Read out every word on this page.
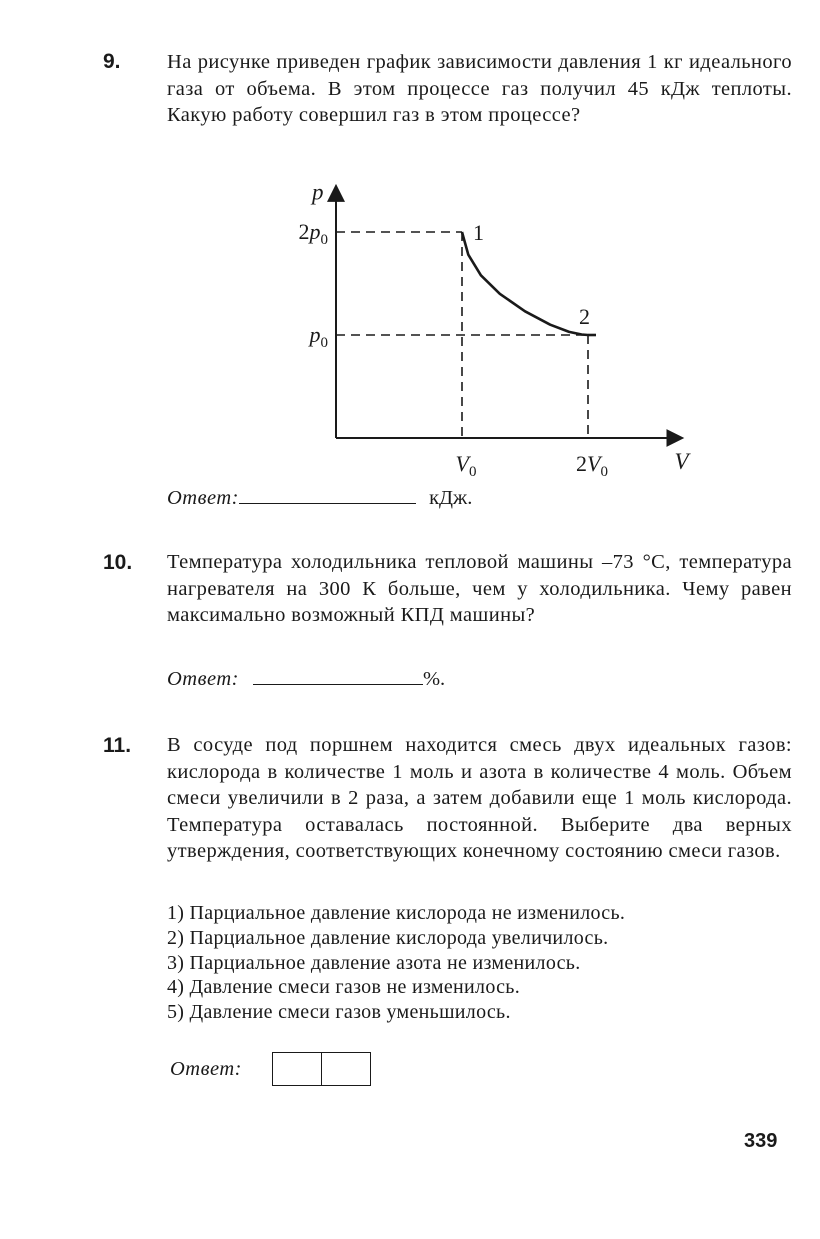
9. На рисунке приведен график зависимости давления 1 кг идеального газа от объема. В этом процессе газ получил 45 кДж теплоты. Какую работу совершил газ в этом процессе?
1
2
$2p_0$
$p_0$
$V_0$	$2V_0$	V
p
Ответ:	кДж.
10. Температура холодильника тепловой машины –73 °С, температура нагревателя на 300 К больше, чем у холодильника. Чему равен максимально возможный КПД машины?
Ответ:	%.
11. В сосуде под поршнем находится смесь двух идеальных газов: кислорода в количестве 1 моль и азота в количестве 4 моль. Объем смеси увеличили в 2 раза, а затем добавили еще 1 моль кислорода. Температура оставалась постоянной. Выберите два верных утверждения, соответствующих конечному состоянию смеси газов.
1) Парциальное давление кислорода не изменилось.
2) Парциальное давление кислорода увеличилось.
3) Парциальное давление азота не изменилось.
4) Давление смеси газов не изменилось.
5) Давление смеси газов уменьшилось.
Ответ:
339
